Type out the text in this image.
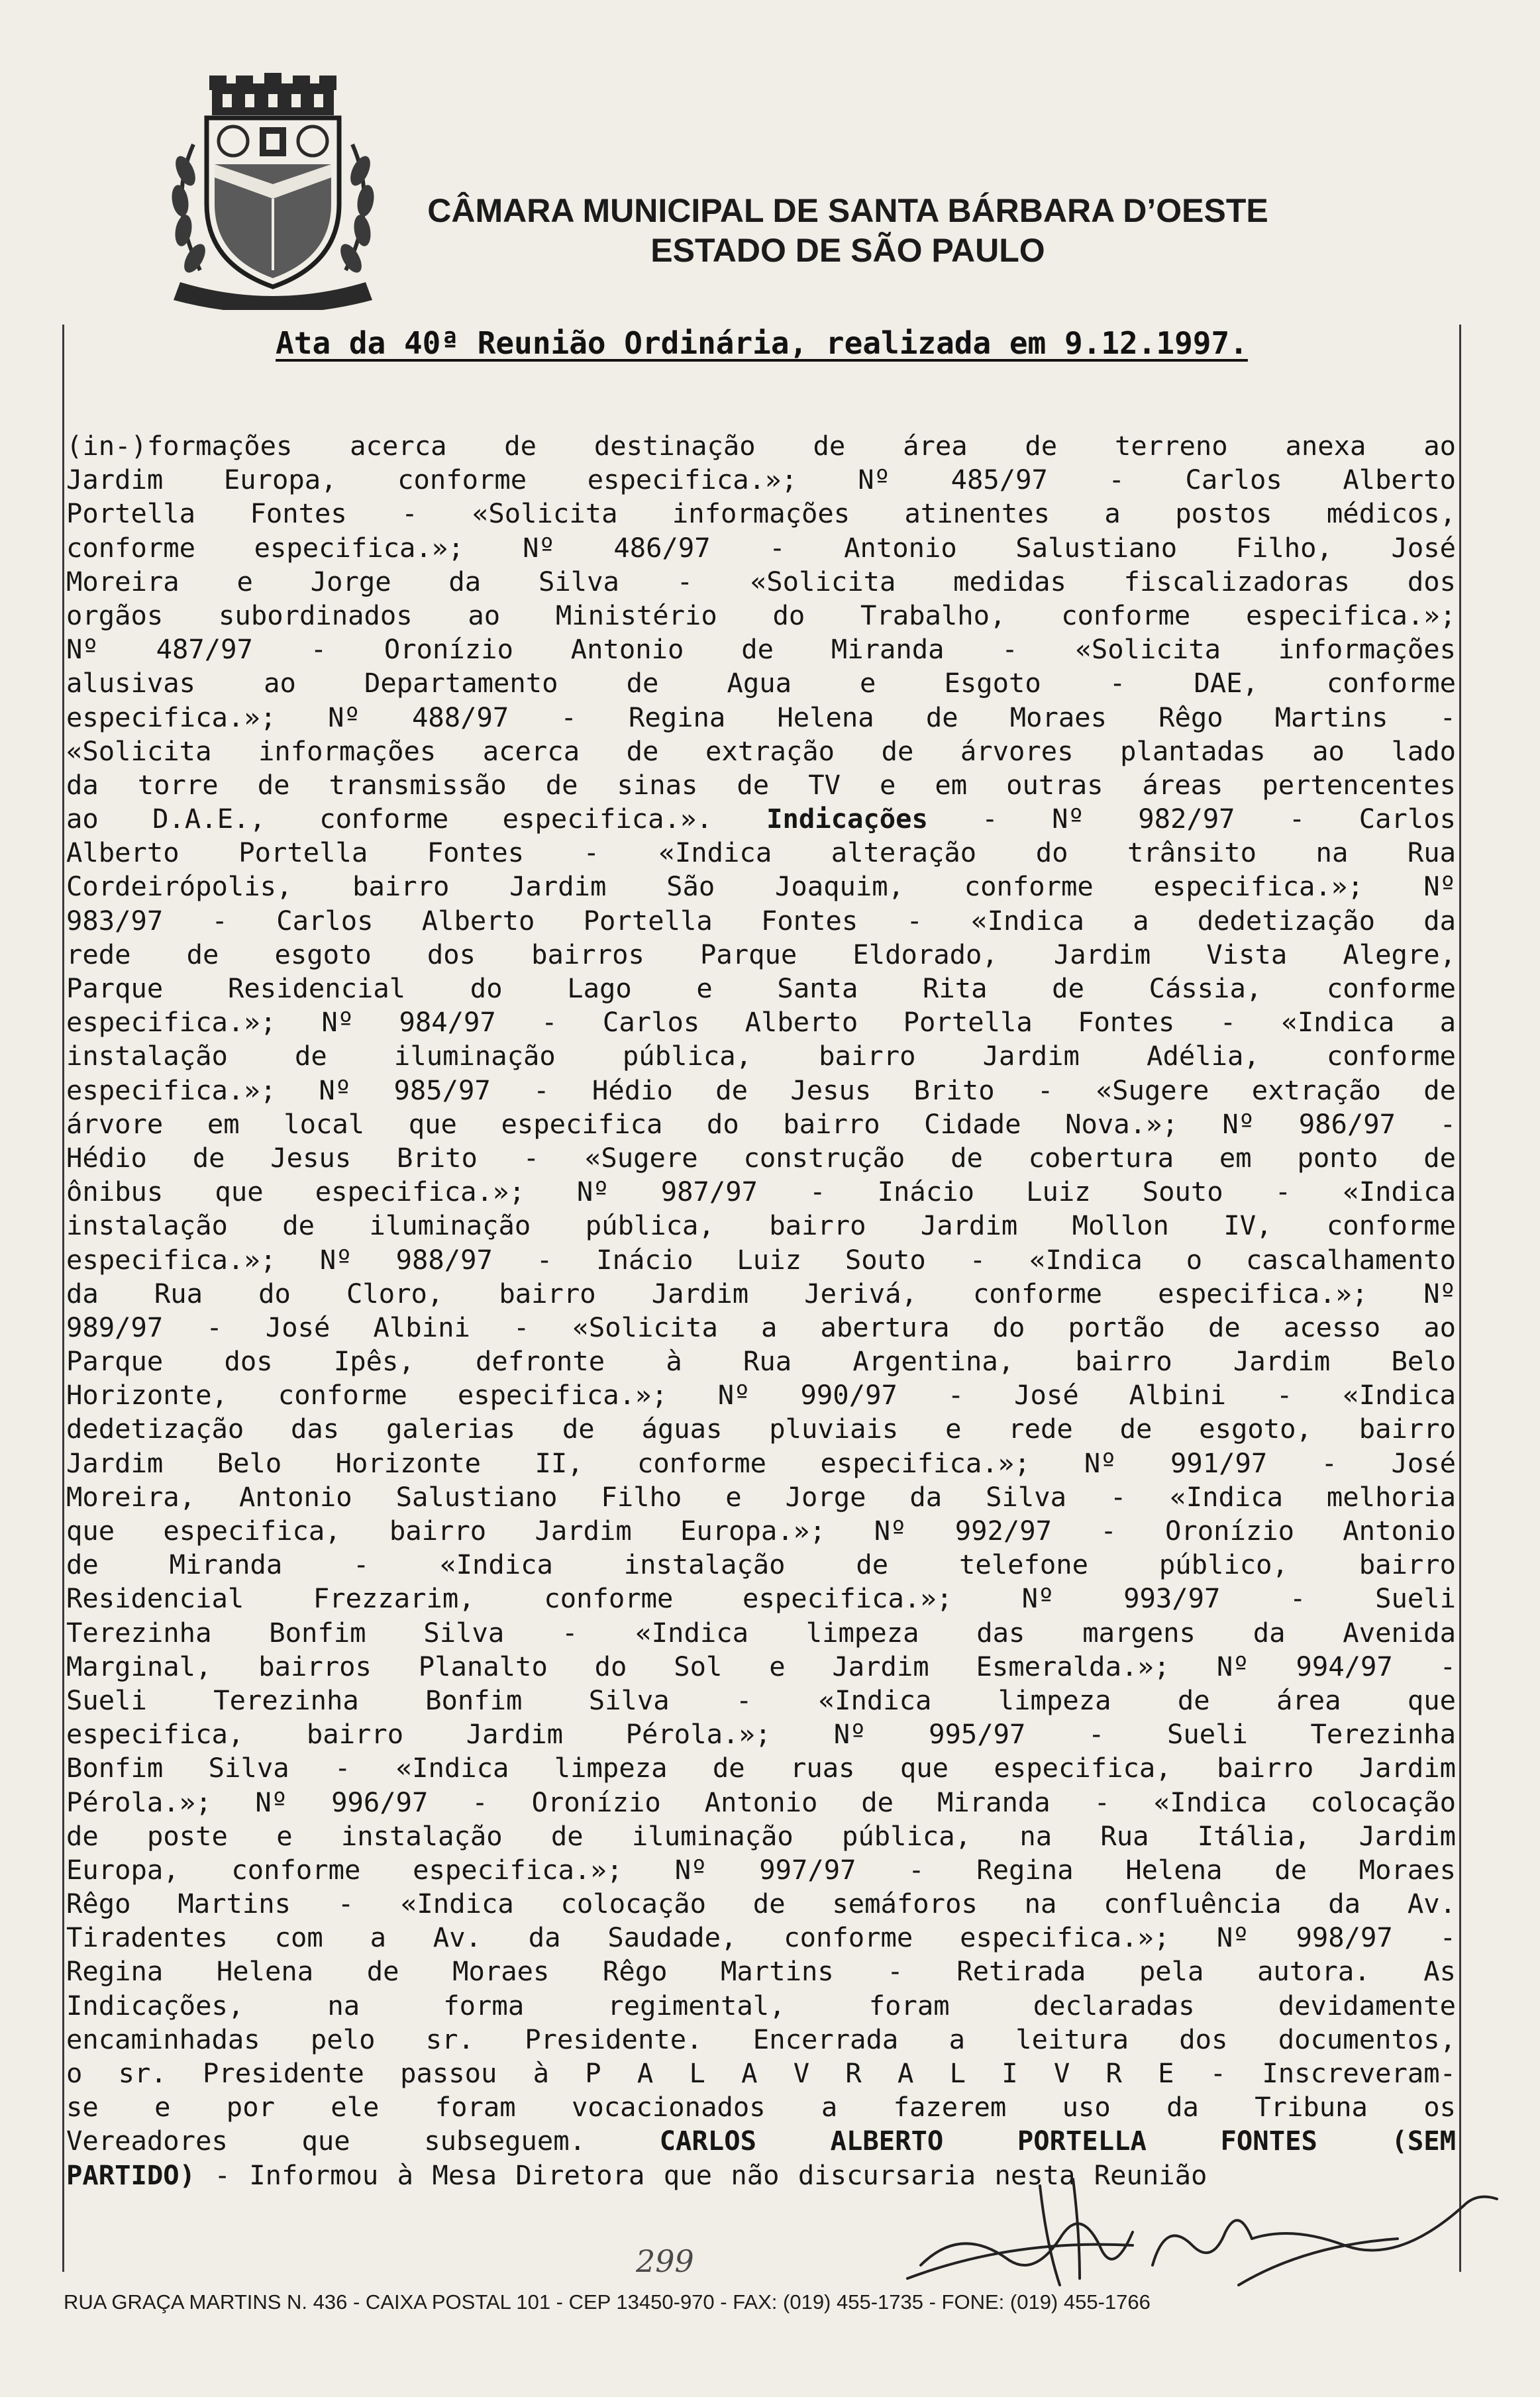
CÂMARA MUNICIPAL DE SANTA BÁRBARA D’OESTE
ESTADO DE SÃO PAULO
Ata da 40ª Reunião Ordinária, realizada em 9.12.1997.
(in-)formações acerca de destinação de área de terreno anexa ao
Jardim Europa, conforme especifica.»; Nº 485/97 - Carlos Alberto
Portella Fontes - «Solicita informações atinentes a postos médicos,
conforme especifica.»; Nº 486/97 - Antonio Salustiano Filho, José
Moreira e Jorge da Silva - «Solicita medidas fiscalizadoras dos
orgãos subordinados ao Ministério do Trabalho, conforme especifica.»;
Nº 487/97 - Oronízio Antonio de Miranda - «Solicita informações
alusivas ao Departamento de Agua e Esgoto - DAE, conforme
especifica.»; Nº 488/97 - Regina Helena de Moraes Rêgo Martins -
«Solicita informações acerca de extração de árvores plantadas ao lado
da torre de transmissão de sinas de TV e em outras áreas pertencentes
ao D.A.E., conforme especifica.». Indicações - Nº 982/97 - Carlos
Alberto Portella Fontes - «Indica alteração do trânsito na Rua
Cordeirópolis, bairro Jardim São Joaquim, conforme especifica.»; Nº
983/97 - Carlos Alberto Portella Fontes - «Indica a dedetização da
rede de esgoto dos bairros Parque Eldorado, Jardim Vista Alegre,
Parque Residencial do Lago e Santa Rita de Cássia, conforme
especifica.»; Nº 984/97 - Carlos Alberto Portella Fontes - «Indica a
instalação de iluminação pública, bairro Jardim Adélia, conforme
especifica.»; Nº 985/97 - Hédio de Jesus Brito - «Sugere extração de
árvore em local que especifica do bairro Cidade Nova.»; Nº 986/97 -
Hédio de Jesus Brito - «Sugere construção de cobertura em ponto de
ônibus que especifica.»; Nº 987/97 - Inácio Luiz Souto - «Indica
instalação de iluminação pública, bairro Jardim Mollon IV, conforme
especifica.»; Nº 988/97 - Inácio Luiz Souto - «Indica o cascalhamento
da Rua do Cloro, bairro Jardim Jerivá, conforme especifica.»; Nº
989/97 - José Albini - «Solicita a abertura do portão de acesso ao
Parque dos Ipês, defronte à Rua Argentina, bairro Jardim Belo
Horizonte, conforme especifica.»; Nº 990/97 - José Albini - «Indica
dedetização das galerias de águas pluviais e rede de esgoto, bairro
Jardim Belo Horizonte II, conforme especifica.»; Nº 991/97 - José
Moreira, Antonio Salustiano Filho e Jorge da Silva - «Indica melhoria
que especifica, bairro Jardim Europa.»; Nº 992/97 - Oronízio Antonio
de Miranda - «Indica instalação de telefone público, bairro
Residencial Frezzarim, conforme especifica.»; Nº 993/97 - Sueli
Terezinha Bonfim Silva - «Indica limpeza das margens da Avenida
Marginal, bairros Planalto do Sol e Jardim Esmeralda.»; Nº 994/97 -
Sueli Terezinha Bonfim Silva - «Indica limpeza de área que
especifica, bairro Jardim Pérola.»; Nº 995/97 - Sueli Terezinha
Bonfim Silva - «Indica limpeza de ruas que especifica, bairro Jardim
Pérola.»; Nº 996/97 - Oronízio Antonio de Miranda - «Indica colocação
de poste e instalação de iluminação pública, na Rua Itália, Jardim
Europa, conforme especifica.»; Nº 997/97 - Regina Helena de Moraes
Rêgo Martins - «Indica colocação de semáforos na confluência da Av.
Tiradentes com a Av. da Saudade, conforme especifica.»; Nº 998/97 -
Regina Helena de Moraes Rêgo Martins - Retirada pela autora. As
Indicações, na forma regimental, foram declaradas devidamente
encaminhadas pelo sr. Presidente. Encerrada a leitura dos documentos,
o sr. Presidente passou à P A L A V R A L I V R E - Inscreveram-
se e por ele foram vocacionados a fazerem uso da Tribuna os
Vereadores que subseguem. CARLOS ALBERTO PORTELLA FONTES (SEM
PARTIDO) - Informou à Mesa Diretora que não discursaria nesta Reunião
299
RUA GRAÇA MARTINS N. 436 - CAIXA POSTAL 101 - CEP 13450-970 - FAX: (019) 455-1735 - FONE: (019) 455-1766
